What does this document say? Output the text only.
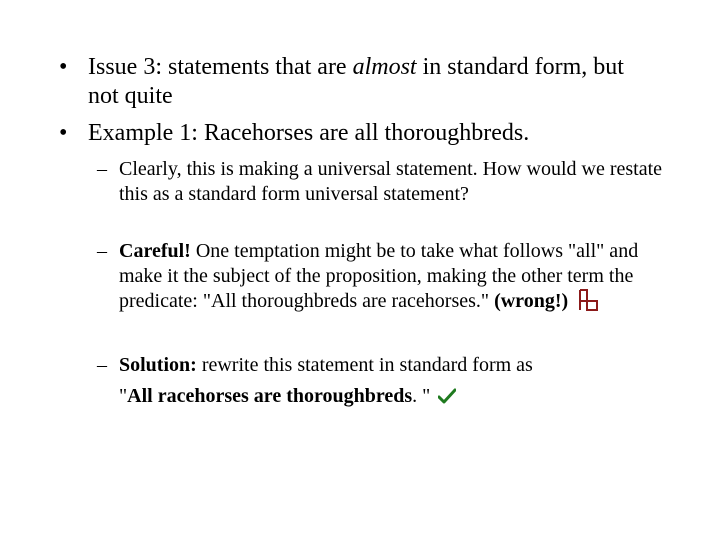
• Issue 3: statements that are almost in standard form, but not quite
• Example 1: Racehorses are all thoroughbreds.
– Clearly, this is making a universal statement. How would we restate this as a standard form universal statement?
– Careful! One temptation might be to take what follows "all" and make it the subject of the proposition, making the other term the predicate: "All thoroughbreds are racehorses." (wrong!)
– Solution: rewrite this statement in standard form as
"All racehorses are thoroughbreds. "
